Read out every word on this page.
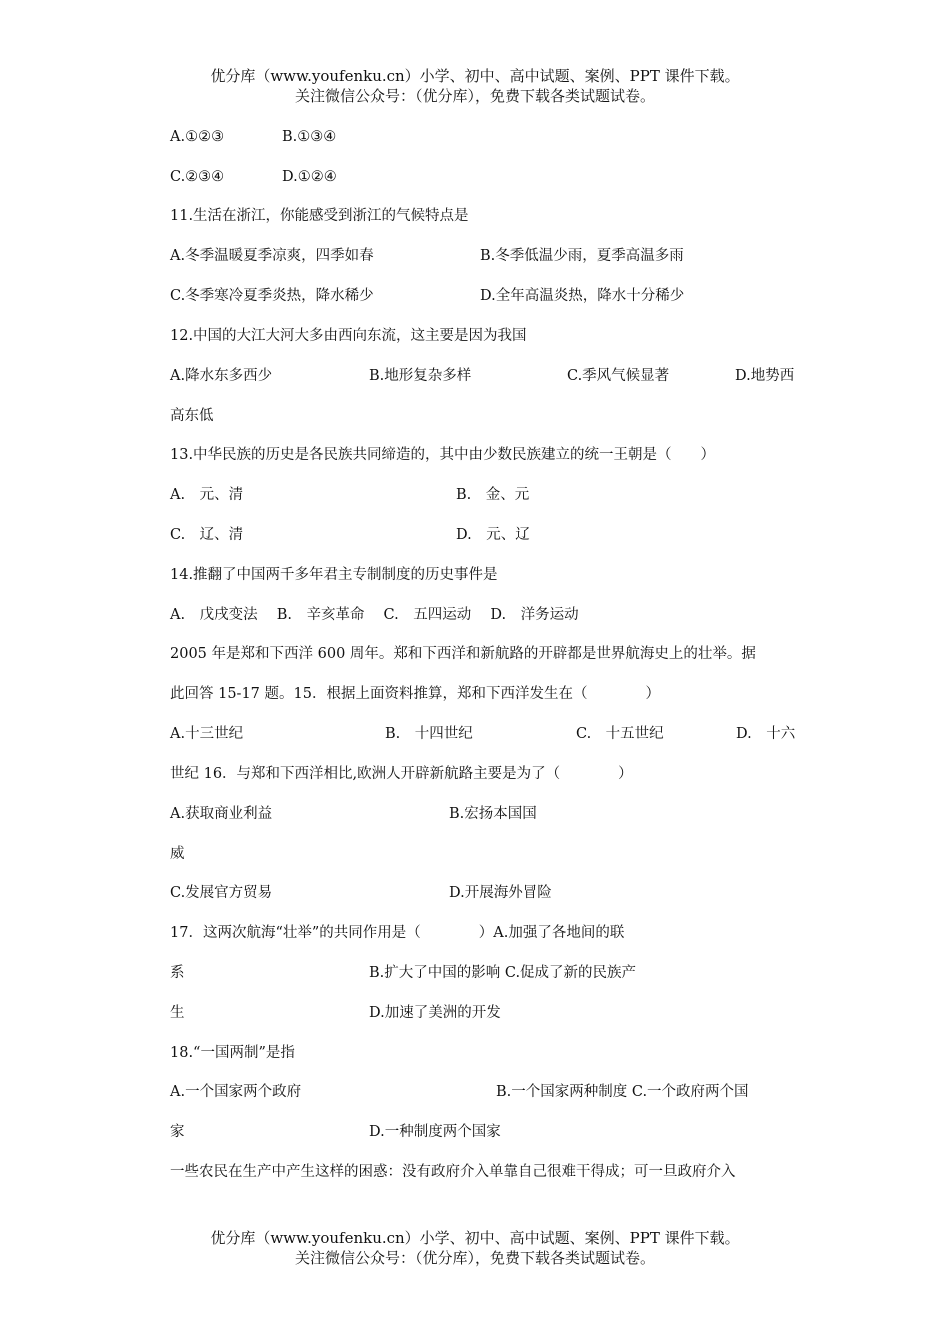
优分库（www.youfenku.cn）小学、初中、高中试题、案例、PPT 课件下载。
关注微信公众号：（优分库），免费下载各类试题试卷。
A.①②③	B.①③④
C.②③④	D.①②④
11.生活在浙江，你能感受到浙江的气候特点是
A.冬季温暖夏季凉爽，四季如春	B.冬季低温少雨，夏季高温多雨
C.冬季寒冷夏季炎热，降水稀少	D.全年高温炎热，降水十分稀少
12.中国的大江大河大多由西向东流，这主要是因为我国
A.降水东多西少	B.地形复杂多样	C.季风气候显著	D.地势西
高东低
13.中华民族的历史是各民族共同缔造的，其中由少数民族建立的统一王朝是（　　）
A.　元、清	B.　金、元
C.　辽、清	D.　元、辽
14.推翻了中国两千多年君主专制制度的历史事件是
A.　戊戌变法　 B.　辛亥革命　 C.　五四运动　 D.　洋务运动
2005 年是郑和下西洋 600 周年。郑和下西洋和新航路的开辟都是世界航海史上的壮举。据
此回答 15-17 题。15．根据上面资料推算，郑和下西洋发生在（　　　　）
A.十三世纪	B.　十四世纪	C.　十五世纪	D.　十六
世纪 16．与郑和下西洋相比,欧洲人开辟新航路主要是为了（　　　　）
A.获取商业利益	B.宏扬本国国
威
C.发展官方贸易	D.开展海外冒险
17．这两次航海“壮举”的共同作用是（　　　　）A.加强了各地间的联
系	B.扩大了中国的影响 C.促成了新的民族产
生	D.加速了美洲的开发
18.“一国两制”是指
A.一个国家两个政府	B.一个国家两种制度 C.一个政府两个国
家	D.一种制度两个国家
一些农民在生产中产生这样的困惑：没有政府介入单靠自己很难干得成；可一旦政府介入
优分库（www.youfenku.cn）小学、初中、高中试题、案例、PPT 课件下载。
关注微信公众号：（优分库），免费下载各类试题试卷。
